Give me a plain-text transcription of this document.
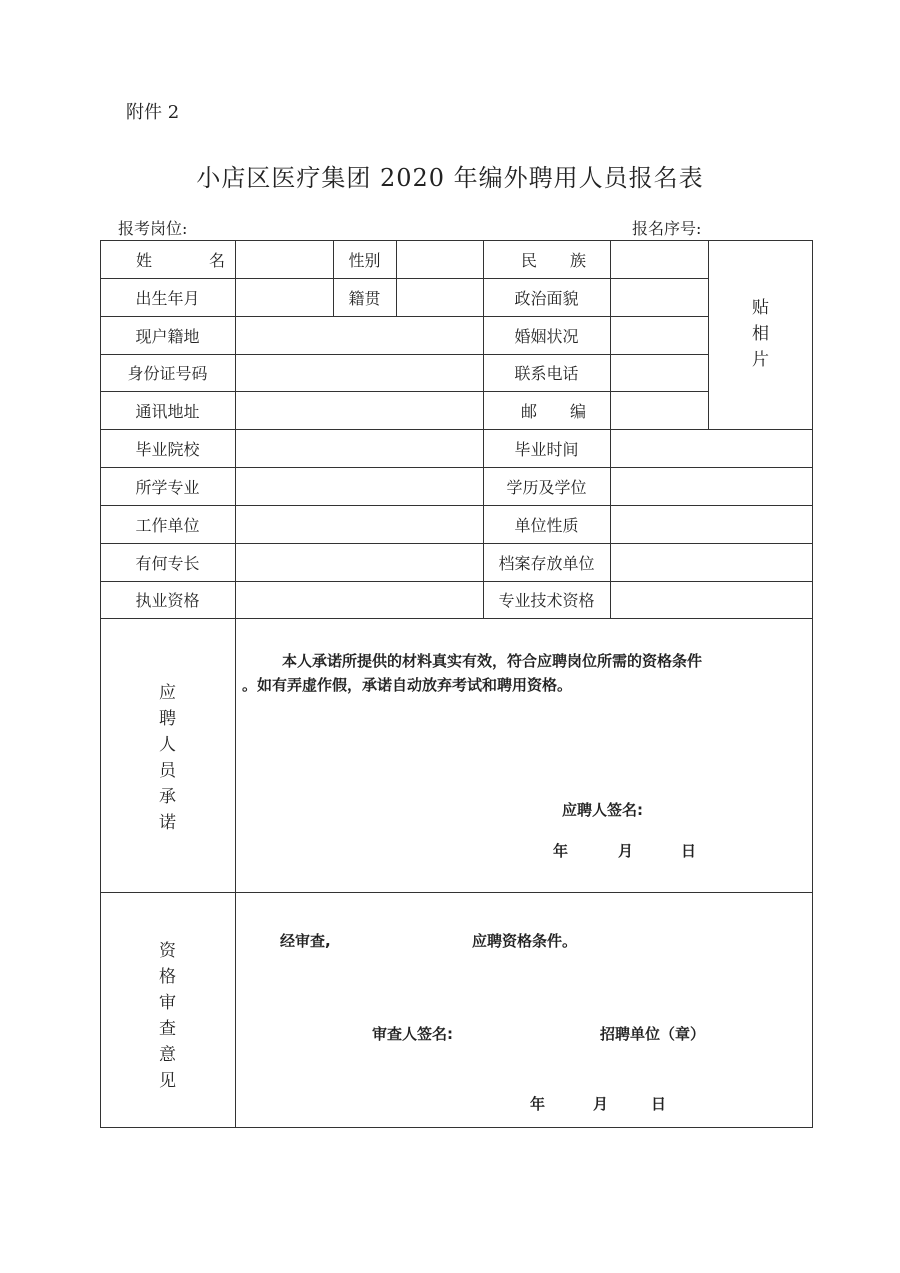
附件 2
小店区医疗集团 2020 年编外聘用人员报名表
报考岗位:	报名序号:
姓 名	性别	民 族
出生年月	籍贯	政治面貌
现户籍地	婚姻状况
身份证号码	联系电话
通讯地址	邮 编
贴
相
片
毕业院校	毕业时间
所学专业	学历及学位
工作单位	单位性质
有何专长	档案存放单位
执业资格	专业技术资格
应
聘
人
员
承
诺
本人承诺所提供的材料真实有效，符合应聘岗位所需的资格条件
。如有弄虚作假，承诺自动放弃考试和聘用资格。
应聘人签名:
年	月	日
资
格
审
查
意
见
经审查,	应聘资格条件。
审查人签名:	招聘单位（章）
年	月	日
